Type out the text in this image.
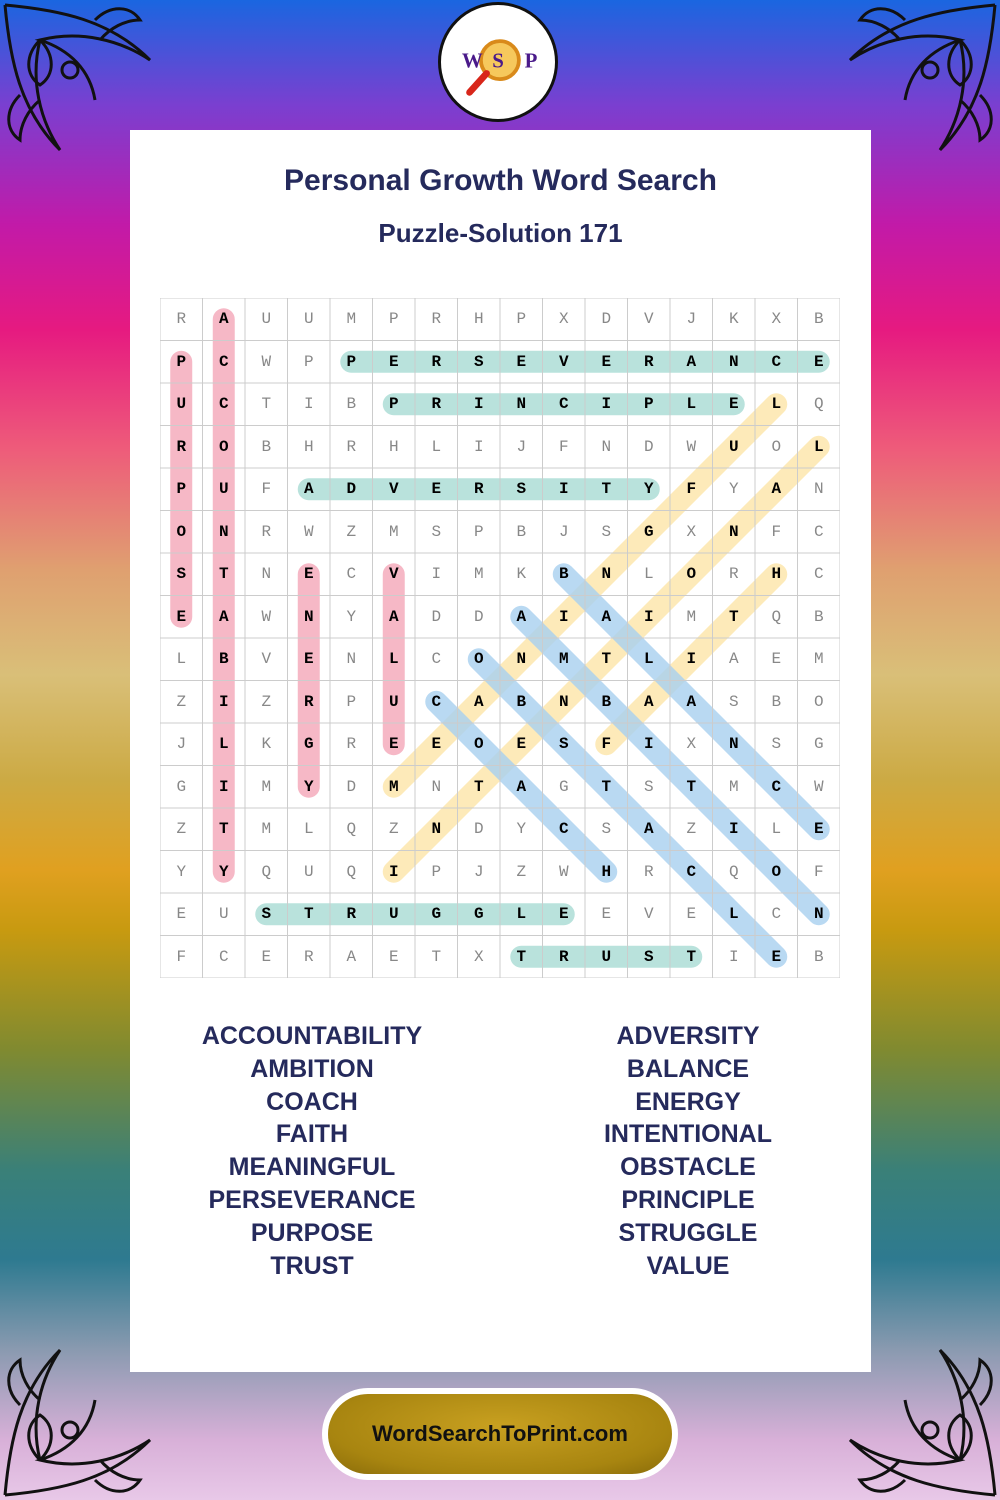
W S P
Personal Growth Word Search
Puzzle-Solution 171
R	A	U	U	M	P	R	H	P	X	D	V	J	K	X	B
P	C	W	P	P	E	R	S	E	V	E	R	A	N	C	E
U	C	T	I	B	P	R	I	N	C	I	P	L	E	L	Q
R	O	B	H	R	H	L	I	J	F	N	D	W	U	O	L
P	U	F	A	D	V	E	R	S	I	T	Y	F	Y	A	N
O	N	R	W	Z	M	S	P	B	J	S	G	X	N	F	C
S	T	N	E	C	V	I	M	K	B	N	L	O	R	H	C
E	A	W	N	Y	A	D	D	A	I	A	I	M	T	Q	B
L	B	V	E	N	L	C	O	N	M	T	L	I	A	E	M
Z	I	Z	R	P	U	C	A	B	N	B	A	A	S	B	O
J	L	K	G	R	E	E	O	E	S	F	I	X	N	S	G
G	I	M	Y	D	M	N	T	A	G	T	S	T	M	C	W
Z	T	M	L	Q	Z	N	D	Y	C	S	A	Z	I	L	E
Y	Y	Q	U	Q	I	P	J	Z	W	H	R	C	Q	O	F
E	U	S	T	R	U	G	G	L	E	E	V	E	L	C	N
F	C	E	R	A	E	T	X	T	R	U	S	T	I	E	B
ACCOUNTABILITY
AMBITION
COACH
FAITH
MEANINGFUL
PERSEVERANCE
PURPOSE
TRUST
ADVERSITY
BALANCE
ENERGY
INTENTIONAL
OBSTACLE
PRINCIPLE
STRUGGLE
VALUE
WordSearchToPrint.com
